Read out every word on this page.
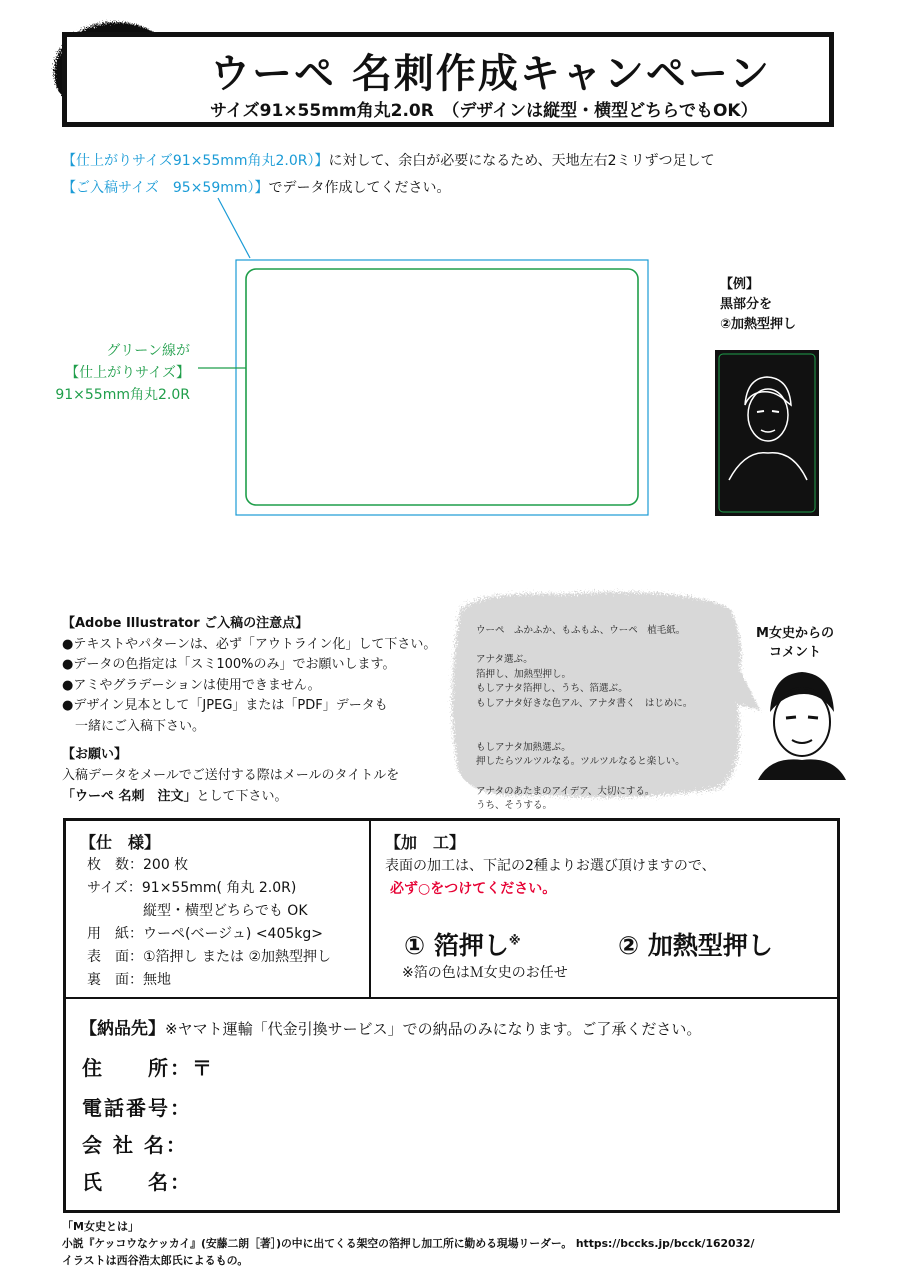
ウーペ 名刺作成キャンペーン
サイズ91×55mm角丸2.0R　（デザインは縦型・横型どちらでもOK）
【仕上がりサイズ91×55mm角丸2.0R）】に対して、余白が必要になるため、天地左右2ミリずつ足して
【ご入稿サイズ　95×59mm）】でデータ作成してください。
グリーン線が
【仕上がりサイズ】
91×55mm角丸2.0R
【例】
黒部分を
②加熱型押し
【Adobe Illustrator ご入稿の注意点】
●テキストやパターンは、必ず「アウトライン化」して下さい。
●データの色指定は「スミ100%のみ」でお願いします。
●アミやグラデーションは使用できません。
●デザイン見本として「JPEG」または「PDF」データも
　一緒にご入稿下さい。
【お願い】
入稿データをメールでご送付する際はメールのタイトルを
「ウーペ 名刺　注文」として下さい。
ウーペ　ふかふか、もふもふ、ウーペ　植毛紙。

アナタ選ぶ。
箔押し、加熱型押し。
もしアナタ箔押し、うち、箔選ぶ。
もしアナタ好きな色アル、アナタ書く　はじめに。
もしアナタ加熱選ぶ。
押したらツルツルなる。ツルツルなると楽しい。
アナタのあたまのアイデア、大切にする。
うち、そうする。
M女史からの
コメント
【仕　様】
枚　数：200 枚
サイズ：91×55mm( 角丸 2.0R)
　　　　縦型・横型どちらでも OK
用　紙：ウーペ(ベージュ) <405kg>
表　面：①箔押し または ②加熱型押し
裏　面：無地
【加　工】
表面の加工は、下記の2種よりお選び頂けますので、
必ず○をつけてください。
① 箔押し※	② 加熱型押し
※箔の色はＭ女史のお任せ
【納品先】※ヤマト運輸「代金引換サービス」での納品のみになります。ご了承ください。
住　　所：〒
電話番号：
会 社 名：
氏　　名：
「M女史とは」
小説『ケッコウなケッカイ』(安藤二朗［著］)の中に出てくる架空の箔押し加工所に勤める現場リーダー。 https://bccks.jp/bcck/162032/
イラストは西谷浩太郎氏によるもの。
